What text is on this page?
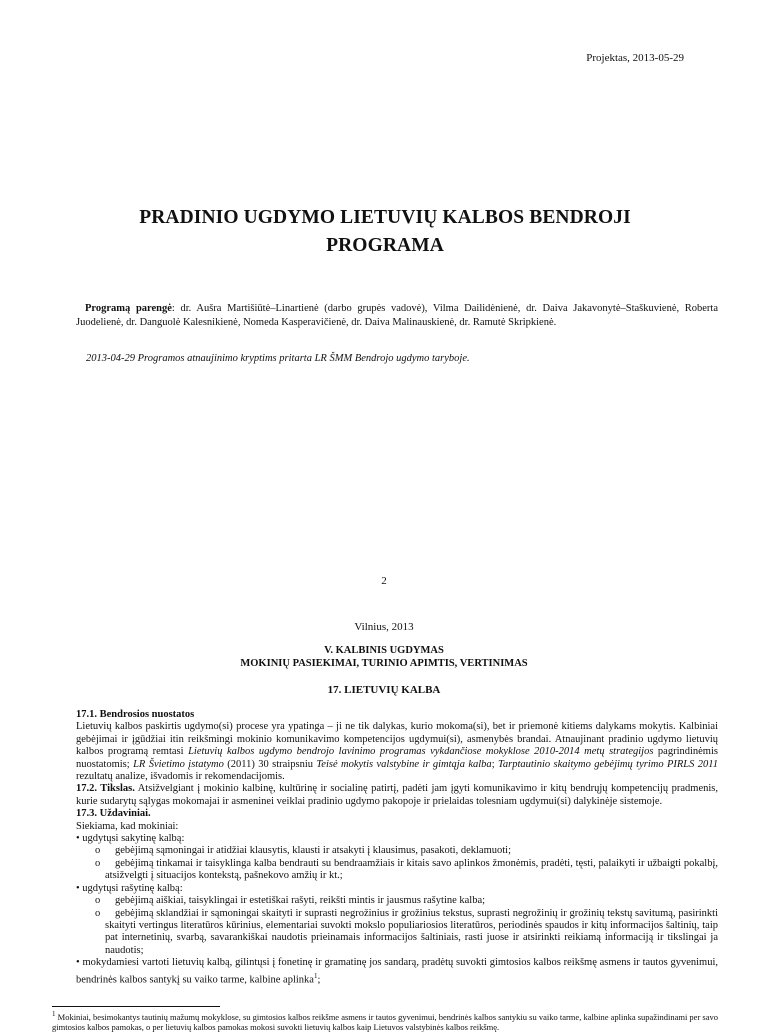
Projektas, 2013-05-29
PRADINIO UGDYMO LIETUVIŲ KALBOS BENDROJI
PROGRAMA
Programą parengė: dr. Aušra Martišiūtė–Linartienė (darbo grupės vadovė), Vilma Dailidėnienė, dr. Daiva Jakavonytė–Staškuvienė, Roberta Juodelienė, dr. Danguolė Kalesnikienė, Nomeda Kasperavičienė, dr. Daiva Malinauskienė, dr. Ramutė Skripkienė.
2013-04-29 Programos atnaujinimo kryptims pritarta LR ŠMM Bendrojo ugdymo taryboje.
2
Vilnius, 2013
V. KALBINIS UGDYMAS
MOKINIŲ PASIEKIMAI, TURINIO APIMTIS, VERTINIMAS
17. LIETUVIŲ KALBA

17.1. Bendrosios nuostatos

Lietuvių kalbos paskirtis ugdymo(si) procese yra ypatinga – ji ne tik dalykas, kurio mokoma(si), bet ir priemonė kitiems dalykams mokytis. Kalbiniai gebėjimai ir įgūdžiai itin reikšmingi mokinio komunikavimo kompetencijos ugdymui(si), asmenybės brandai. Atnaujinant pradinio ugdymo lietuvių kalbos programą remtasi Lietuvių kalbos ugdymo bendrojo lavinimo programas vykdančiose mokyklose 2010-2014 metų strategijos pagrindinėmis nuostatomis; LR Švietimo įstatymo (2011) 30 straipsniu Teisė mokytis valstybine ir gimtąja kalba; Tarptautinio skaitymo gebėjimų tyrimo PIRLS 2011 rezultatų analize, išvadomis ir rekomendacijomis.

17.2. Tikslas. Atsižvelgiant į mokinio kalbinę, kultūrinę ir socialinę patirtį, padėti jam įgyti komunikavimo ir kitų bendrųjų kompetencijų pradmenis, kurie sudarytų sąlygas mokomajai ir asmeninei veiklai pradinio ugdymo pakopoje ir prielaidas tolesniam ugdymui(si) dalykinėje sistemoje.

17.3. Uždaviniai.

Siekiama, kad mokiniai:

• ugdytųsi sakytinę kalbą:

o gebėjimą sąmoningai ir atidžiai klausytis, klausti ir atsakyti į klausimus, pasakoti, deklamuoti;

o gebėjimą tinkamai ir taisyklinga kalba bendrauti su bendraamžiais ir kitais savo aplinkos žmonėmis, pradėti, tęsti, palaikyti ir užbaigti pokalbį, atsižvelgti į situacijos kontekstą, pašnekovo amžių ir kt.;

• ugdytųsi rašytinę kalbą:

o gebėjimą aiškiai, taisyklingai ir estetiškai rašyti, reikšti mintis ir jausmus rašytine kalba;

o gebėjimą sklandžiai ir sąmoningai skaityti ir suprasti negrožinius ir grožinius tekstus, suprasti negrožinių ir grožinių tekstų savitumą, pasirinkti skaityti vertingus literatūros kūrinius, elementariai suvokti mokslo populiariosios literatūros, periodinės spaudos ir kitų informacijos šaltinių, taip pat internetinių, svarbą, savarankiškai naudotis prieinamais informacijos šaltiniais, rasti juose ir atsirinkti reikiamą informaciją ir tikslingai ja naudotis;

• mokydamiesi vartoti lietuvių kalbą, gilintųsi į fonetinę ir gramatinę jos sandarą, pradėtų suvokti gimtosios kalbos reikšmę asmens ir tautos gyvenimui, bendrinės kalbos santykį su vaiko tarme, kalbine aplinka$^1$;

$^1$ Mokiniai, besimokantys tautinių mažumų mokyklose, su gimtosios kalbos reikšme asmens ir tautos gyvenimui, bendrinės kalbos santykiu su vaiko tarme, kalbine aplinka supažindinami per savo gimtosios kalbos pamokas, o per lietuvių kalbos pamokas mokosi suvokti lietuvių kalbos kaip Lietuvos valstybinės kalbos reikšmę.
